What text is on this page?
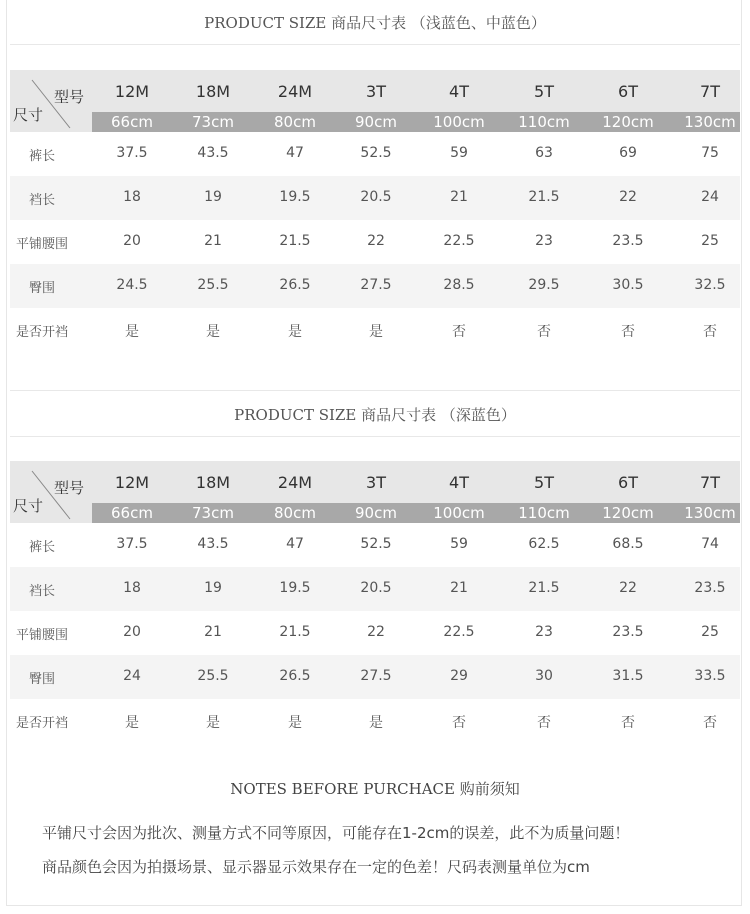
PRODUCT SIZE 商品尺寸表 （浅蓝色、中蓝色）
型号
尺寸
12M	18M	24M	3T	4T	5T	6T	7T
66cm	73cm	80cm	90cm	100cm	110cm	120cm	130cm
裤长	37.5	43.5	47	52.5	59	63	69	75
裆长	18	19	19.5	20.5	21	21.5	22	24
平铺腰围	20	21	21.5	22	22.5	23	23.5	25
臀围	24.5	25.5	26.5	27.5	28.5	29.5	30.5	32.5
是否开裆	是	是	是	是	否	否	否	否
PRODUCT SIZE 商品尺寸表 （深蓝色）
型号
尺寸
12M	18M	24M	3T	4T	5T	6T	7T
66cm	73cm	80cm	90cm	100cm	110cm	120cm	130cm
裤长	37.5	43.5	47	52.5	59	62.5	68.5	74
裆长	18	19	19.5	20.5	21	21.5	22	23.5
平铺腰围	20	21	21.5	22	22.5	23	23.5	25
臀围	24	25.5	26.5	27.5	29	30	31.5	33.5
是否开裆	是	是	是	是	否	否	否	否
NOTES BEFORE PURCHACE 购前须知
平铺尺寸会因为批次、测量方式不同等原因，可能存在1-2cm的误差，此不为质量问题！
商品颜色会因为拍摄场景、显示器显示效果存在一定的色差！尺码表测量单位为cm
